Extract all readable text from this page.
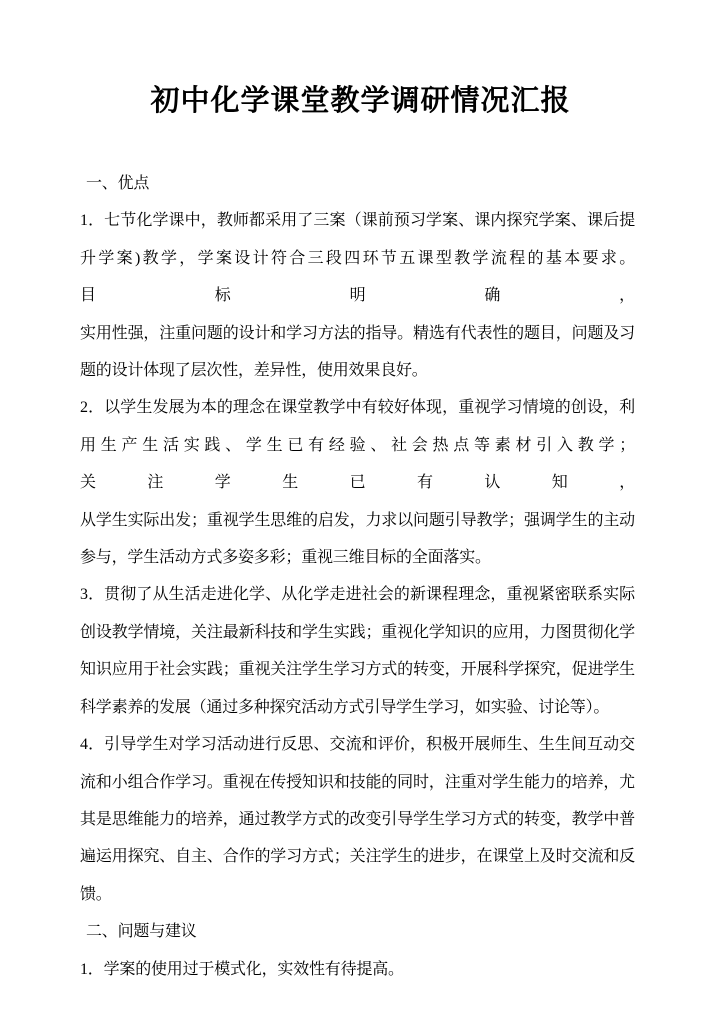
初中化学课堂教学调研情况汇报
一、优点
1．七节化学课中，教师都采用了三案（课前预习学案、课内探究学案、课后提
升学案)教学，学案设计符合三段四环节五课型教学流程的基本要求。目标明确，
实用性强，注重问题的设计和学习方法的指导。精选有代表性的题目，问题及习
题的设计体现了层次性，差异性，使用效果良好。
2．以学生发展为本的理念在课堂教学中有较好体现，重视学习情境的创设，利
用生产生活实践、学生已有经验、社会热点等素材引入教学；关注学生已有认知，
从学生实际出发；重视学生思维的启发，力求以问题引导教学；强调学生的主动
参与，学生活动方式多姿多彩；重视三维目标的全面落实。
3．贯彻了从生活走进化学、从化学走进社会的新课程理念，重视紧密联系实际
创设教学情境，关注最新科技和学生实践；重视化学知识的应用，力图贯彻化学
知识应用于社会实践；重视关注学生学习方式的转变，开展科学探究，促进学生
科学素养的发展（通过多种探究活动方式引导学生学习，如实验、讨论等）。
4．引导学生对学习活动进行反思、交流和评价，积极开展师生、生生间互动交
流和小组合作学习。重视在传授知识和技能的同时，注重对学生能力的培养，尤
其是思维能力的培养，通过教学方式的改变引导学生学习方式的转变，教学中普
遍运用探究、自主、合作的学习方式；关注学生的进步，在课堂上及时交流和反
馈。
二、问题与建议
1．学案的使用过于模式化，实效性有待提高。
